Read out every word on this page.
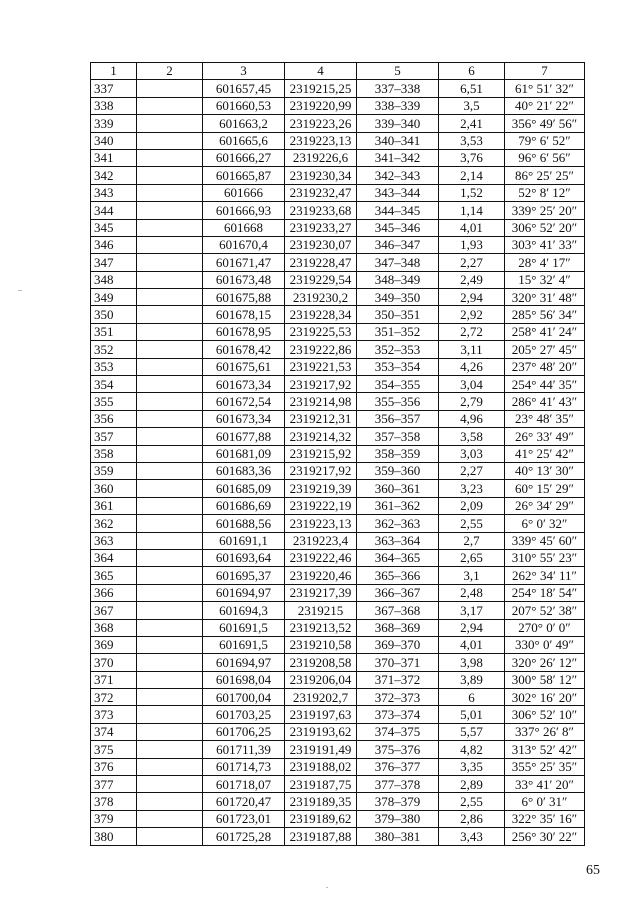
1	2	3	4	5	6	7
337		601657,45	2319215,25	337–338	6,51	61° 51′ 32″
338		601660,53	2319220,99	338–339	3,5	40° 21′ 22″
339		601663,2	2319223,26	339–340	2,41	356° 49′ 56″
340		601665,6	2319223,13	340–341	3,53	79° 6′ 52″
341		601666,27	2319226,6	341–342	3,76	96° 6′ 56″
342		601665,87	2319230,34	342–343	2,14	86° 25′ 25″
343		601666	2319232,47	343–344	1,52	52° 8′ 12″
344		601666,93	2319233,68	344–345	1,14	339° 25′ 20″
345		601668	2319233,27	345–346	4,01	306° 52′ 20″
346		601670,4	2319230,07	346–347	1,93	303° 41′ 33″
347		601671,47	2319228,47	347–348	2,27	28° 4′ 17″
348		601673,48	2319229,54	348–349	2,49	15° 32′ 4″
349		601675,88	2319230,2	349–350	2,94	320° 31′ 48″
350		601678,15	2319228,34	350–351	2,92	285° 56′ 34″
351		601678,95	2319225,53	351–352	2,72	258° 41′ 24″
352		601678,42	2319222,86	352–353	3,11	205° 27′ 45″
353		601675,61	2319221,53	353–354	4,26	237° 48′ 20″
354		601673,34	2319217,92	354–355	3,04	254° 44′ 35″
355		601672,54	2319214,98	355–356	2,79	286° 41′ 43″
356		601673,34	2319212,31	356–357	4,96	23° 48′ 35″
357		601677,88	2319214,32	357–358	3,58	26° 33′ 49″
358		601681,09	2319215,92	358–359	3,03	41° 25′ 42″
359		601683,36	2319217,92	359–360	2,27	40° 13′ 30″
360		601685,09	2319219,39	360–361	3,23	60° 15′ 29″
361		601686,69	2319222,19	361–362	2,09	26° 34′ 29″
362		601688,56	2319223,13	362–363	2,55	6° 0′ 32″
363		601691,1	2319223,4	363–364	2,7	339° 45′ 60″
364		601693,64	2319222,46	364–365	2,65	310° 55′ 23″
365		601695,37	2319220,46	365–366	3,1	262° 34′ 11″
366		601694,97	2319217,39	366–367	2,48	254° 18′ 54″
367		601694,3	2319215	367–368	3,17	207° 52′ 38″
368		601691,5	2319213,52	368–369	2,94	270° 0′ 0″
369		601691,5	2319210,58	369–370	4,01	330° 0′ 49″
370		601694,97	2319208,58	370–371	3,98	320° 26′ 12″
371		601698,04	2319206,04	371–372	3,89	300° 58′ 12″
372		601700,04	2319202,7	372–373	6	302° 16′ 20″
373		601703,25	2319197,63	373–374	5,01	306° 52′ 10″
374		601706,25	2319193,62	374–375	5,57	337° 26′ 8″
375		601711,39	2319191,49	375–376	4,82	313° 52′ 42″
376		601714,73	2319188,02	376–377	3,35	355° 25′ 35″
377		601718,07	2319187,75	377–378	2,89	33° 41′ 20″
378		601720,47	2319189,35	378–379	2,55	6° 0′ 31″
379		601723,01	2319189,62	379–380	2,86	322° 35′ 16″
380		601725,28	2319187,88	380–381	3,43	256° 30′ 22″
65
